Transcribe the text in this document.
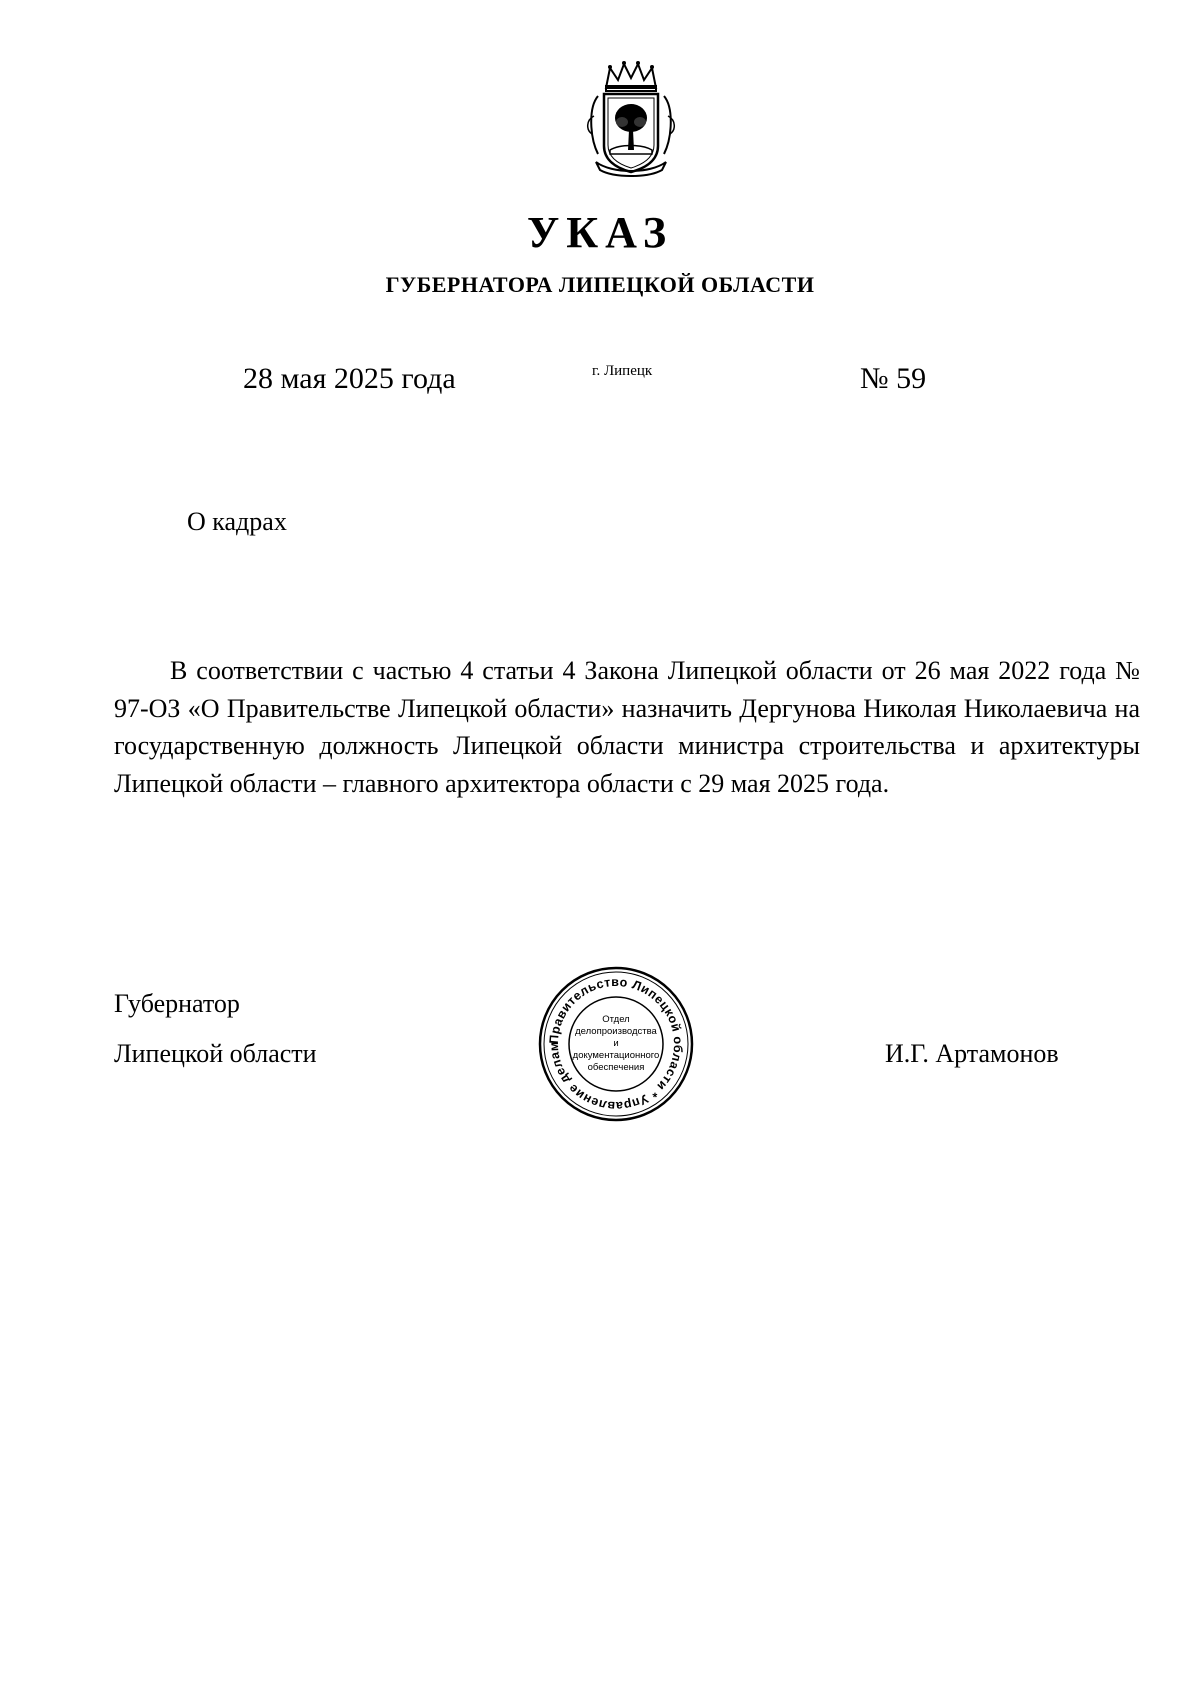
УКАЗ
ГУБЕРНАТОРА ЛИПЕЦКОЙ ОБЛАСТИ
28 мая 2025 года	г. Липецк	№ 59
О кадрах

В соответствии с частью 4 статьи 4 Закона Липецкой области от 26 мая 2022 года № 97-ОЗ «О Правительстве Липецкой области» назначить Дергунова Николая Николаевича на государственную должность Липецкой области министра строительства и архитектуры Липецкой области – главного архитектора области с 29 мая 2025 года.

Губернатор
Липецкой области	Правительство Липецкой области * Управление делам
Отдел
делопроизводства и
документационного
обеспечения	И.Г. Артамонов
